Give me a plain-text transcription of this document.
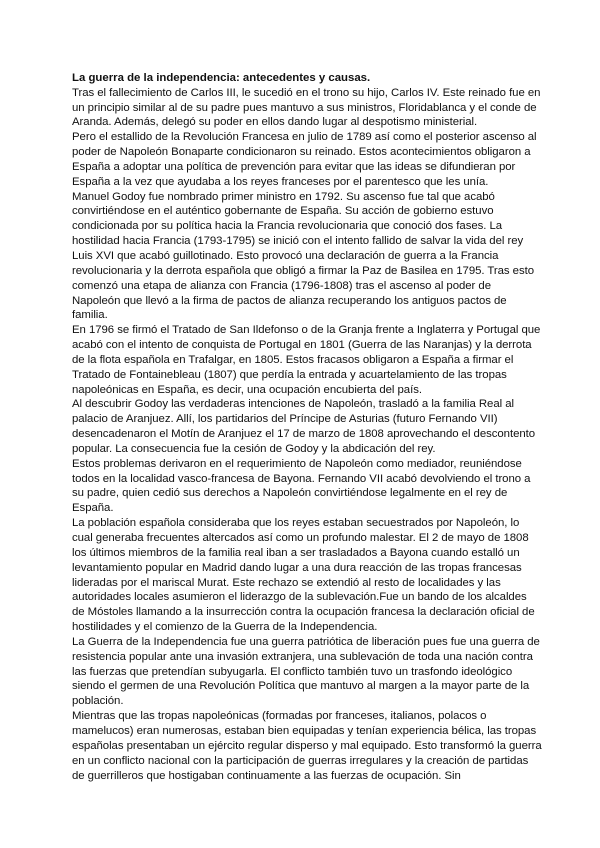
La guerra de la independencia: antecedentes y causas.

Tras el fallecimiento de Carlos III, le sucedió en el trono su hijo, Carlos IV. Este reinado fue en un principio similar al de su padre pues mantuvo a sus ministros, Floridablanca y el conde de Aranda. Además, delegó su poder en ellos dando lugar al despotismo ministerial.

Pero el estallido de la Revolución Francesa en julio de 1789 así como el posterior ascenso al poder de Napoleón Bonaparte condicionaron su reinado. Estos acontecimientos obligaron a España a adoptar una política de prevención para evitar que las ideas se difundieran por España a la vez que ayudaba a los reyes franceses por el parentesco que les unía.

Manuel Godoy fue nombrado primer ministro en 1792. Su ascenso fue tal que acabó convirtiéndose en el auténtico gobernante de España. Su acción de gobierno estuvo condicionada por su política hacia la Francia revolucionaria que conoció dos fases. La hostilidad hacia Francia (1793-1795) se inició con el intento fallido de salvar la vida del rey Luis XVI que acabó guillotinado. Esto provocó una declaración de guerra a la Francia revolucionaria y la derrota española que obligó a firmar la Paz de Basilea en 1795. Tras esto comenzó una etapa de alianza con Francia (1796-1808) tras el ascenso al poder de Napoleón que llevó a la firma de pactos de alianza recuperando los antiguos pactos de familia.

En 1796 se firmó el Tratado de San Ildefonso o de la Granja frente a Inglaterra y Portugal que acabó con el intento de conquista de Portugal en 1801 (Guerra de las Naranjas) y la derrota de la flota española en Trafalgar, en 1805. Estos fracasos obligaron a España a firmar el Tratado de Fontainebleau (1807) que perdía la entrada y acuartelamiento de las tropas napoleónicas en España, es decir, una ocupación encubierta del país.

Al descubrir Godoy las verdaderas intenciones de Napoleón, trasladó a la familia Real al palacio de Aranjuez. Allí, los partidarios del Príncipe de Asturias (futuro Fernando VII) desencadenaron el Motín de Aranjuez el 17 de marzo de 1808 aprovechando el descontento popular. La consecuencia fue la cesión de Godoy y la abdicación del rey.

Estos problemas derivaron en el requerimiento de Napoleón como mediador, reuniéndose todos en la localidad vasco-francesa de Bayona. Fernando VII acabó devolviendo el trono a su padre, quien cedió sus derechos a Napoleón convirtiéndose legalmente en el rey de España.

La población española consideraba que los reyes estaban secuestrados por Napoleón, lo cual generaba frecuentes altercados así como un profundo malestar. El 2 de mayo de 1808 los últimos miembros de la familia real iban a ser trasladados a Bayona cuando estalló un levantamiento popular en Madrid dando lugar a una dura reacción de las tropas francesas lideradas por el mariscal Murat. Este rechazo se extendió al resto de localidades y las autoridades locales asumieron el liderazgo de la sublevación.Fue un bando de los alcaldes de Móstoles llamando a la insurrección contra la ocupación francesa la declaración oficial de hostilidades y el comienzo de la Guerra de la Independencia.

La Guerra de la Independencia fue una guerra patriótica de liberación pues fue una guerra de resistencia popular ante una invasión extranjera, una sublevación de toda una nación contra las fuerzas que pretendían subyugarla. El conflicto también tuvo un trasfondo ideológico siendo el germen de una Revolución Política que mantuvo al margen a la mayor parte de la población.

Mientras que las tropas napoleónicas (formadas por franceses, italianos, polacos o mamelucos) eran numerosas, estaban bien equipadas y tenían experiencia bélica, las tropas españolas presentaban un ejército regular disperso y mal equipado. Esto transformó la guerra en un conflicto nacional con la participación de guerras irregulares y la creación de partidas de guerrilleros que hostigaban continuamente a las fuerzas de ocupación. Sin
